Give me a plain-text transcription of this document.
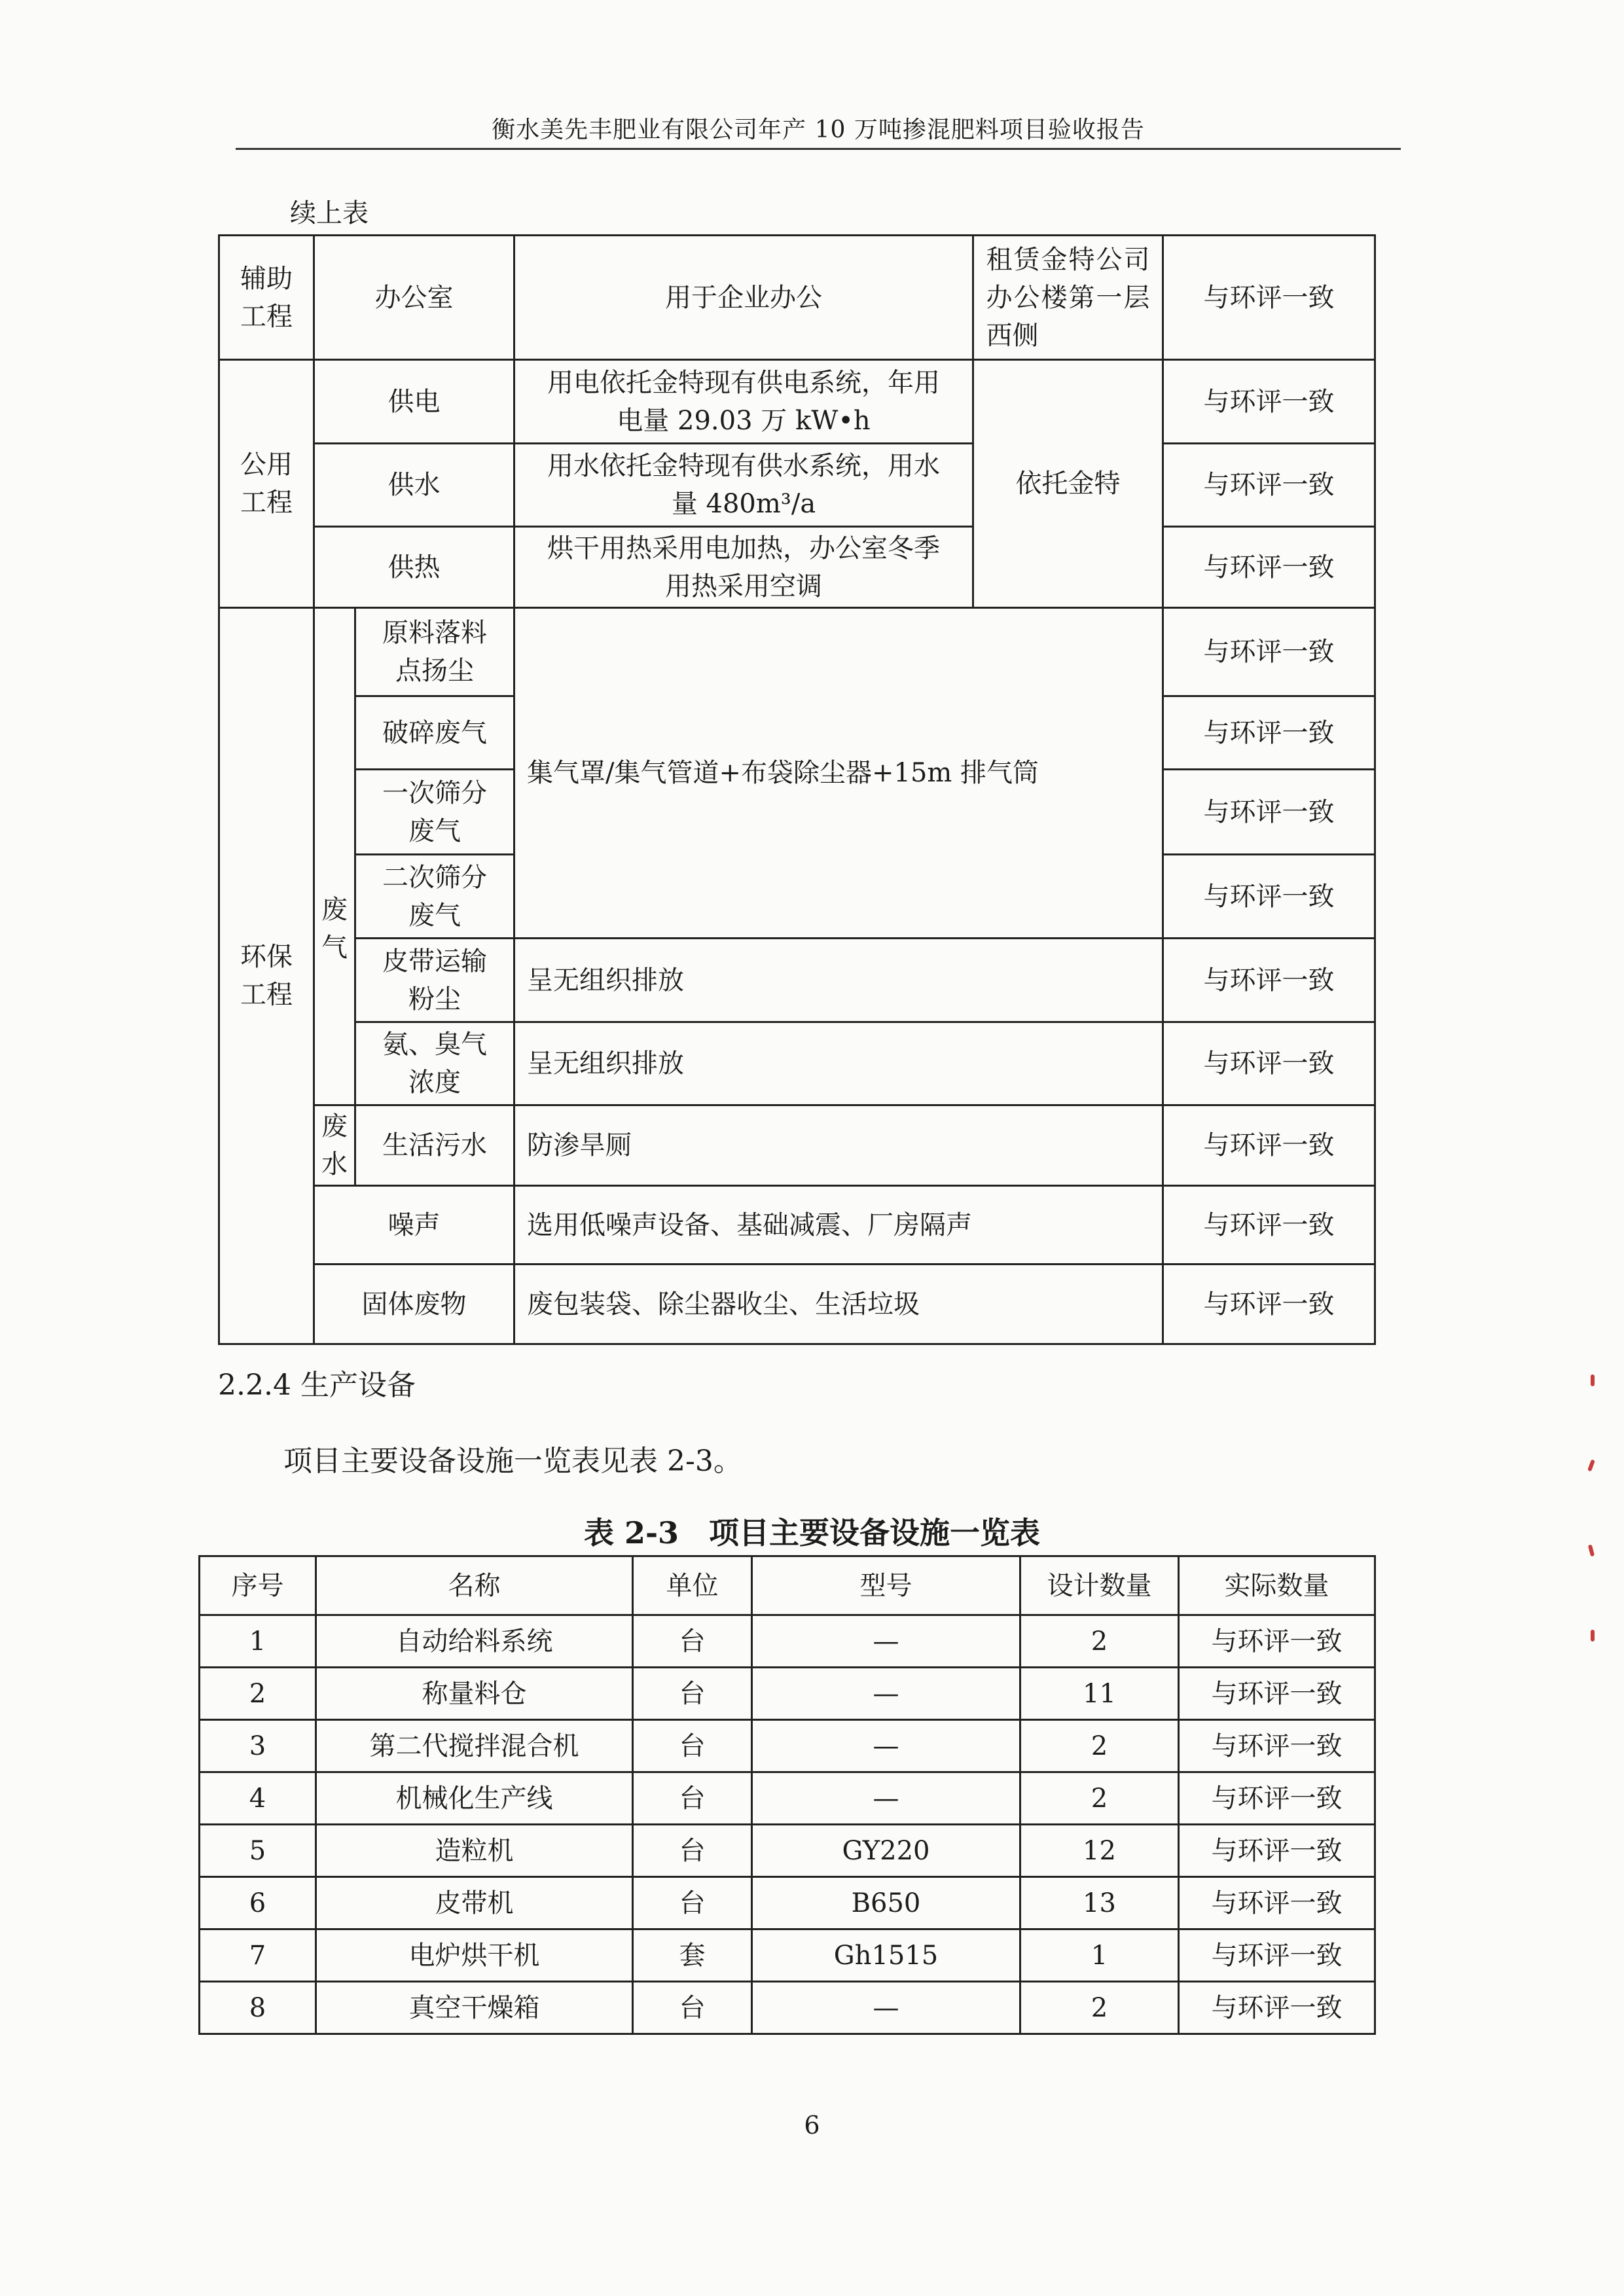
衡水美先丰肥业有限公司年产 10 万吨掺混肥料项目验收报告
续上表
辅助工程	办公室		用于企业办公	租赁金特公司办公楼第一层西侧	与环评一致

公用工程	供电		用电依托金特现有供电系统，年用
电量 29.03 万 kW•h	依托金特	与环评一致
	供水		用水依托金特现有供水系统，用水
量 480m³/a		与环评一致
	供热		烘干用热采用电加热，办公室冬季
用热采用空调		与环评一致

环保工程	废气	原料落料点扬尘	集气罩/集气管道+布袋除尘器+15m 排气筒		与环评一致
		破碎废气			与环评一致

		一次筛分废气			与环评一致

		二次筛分废气			与环评一致

		皮带运输粉尘	呈无组织排放		与环评一致

		氨、臭气浓度	呈无组织排放		与环评一致

	废水	生活污水	防渗旱厕		与环评一致
	噪声		选用低噪声设备、基础减震、厂房隔声		与环评一致
	固体废物		废包装袋、除尘器收尘、生活垃圾		与环评一致
2.2.4 生产设备
项目主要设备设施一览表见表 2-3。
表 2-3　项目主要设备设施一览表
序号	名称	单位	型号	设计数量	实际数量
1	自动给料系统	台	—	2	与环评一致
2	称量料仓	台	—	11	与环评一致
3	第二代搅拌混合机	台	—	2	与环评一致
4	机械化生产线	台	—	2	与环评一致
5	造粒机	台	GY220	12	与环评一致
6	皮带机	台	B650	13	与环评一致
7	电炉烘干机	套	Gh1515	1	与环评一致
8	真空干燥箱	台	—	2	与环评一致
6
